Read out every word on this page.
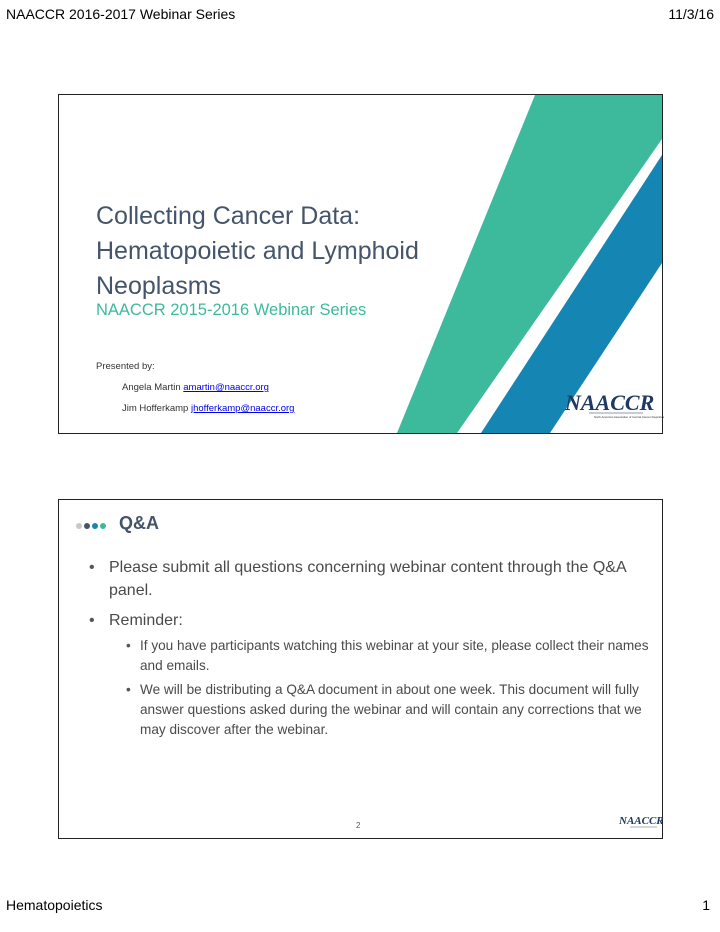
NAACCR 2016-2017 Webinar Series	11/3/16
Collecting Cancer Data: Hematopoietic and Lymphoid Neoplasms
NAACCR 2015-2016 Webinar Series
Presented by:
Angela Martin amartin@naaccr.org
Jim Hofferkamp jhofferkamp@naaccr.org	NAACCR
North American Association of Central Cancer Registries
Q&A
• Please submit all questions concerning webinar content through the Q&A panel.
• Reminder:
• If you have participants watching this webinar at your site, please collect their names and emails.
• We will be distributing a Q&A document in about one week. This document will fully answer questions asked during the webinar and will contain any corrections that we may discover after the webinar.
2	NAACCR
Hematopoietics	1
